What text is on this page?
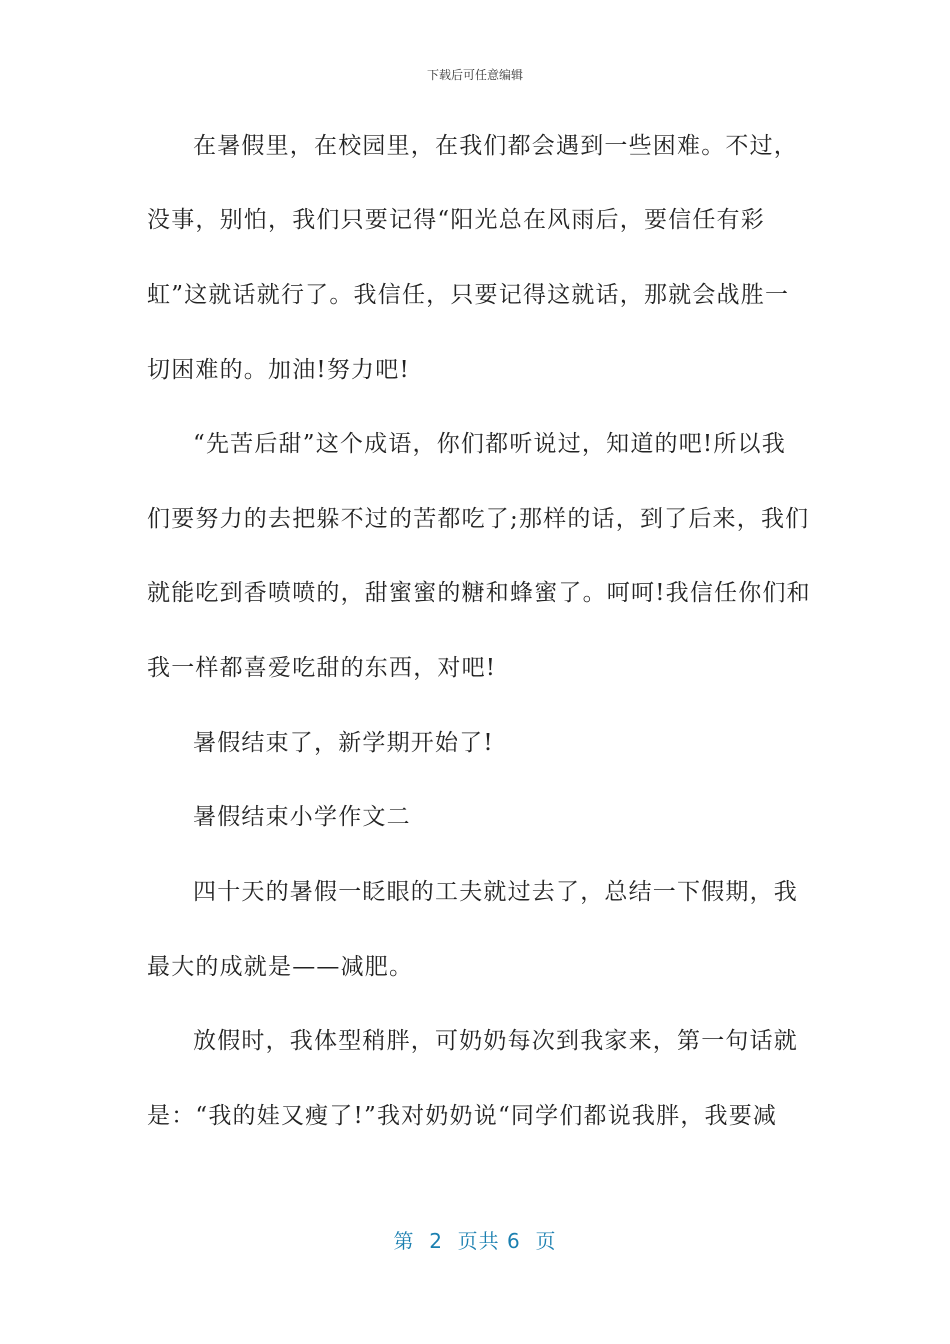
下载后可任意编辑
在暑假里，在校园里，在我们都会遇到一些困难。不过，
没事，别怕，我们只要记得“阳光总在风雨后，要信任有彩
虹”这就话就行了。我信任，只要记得这就话，那就会战胜一
切困难的。加油!努力吧!
“先苦后甜”这个成语，你们都听说过，知道的吧!所以我
们要努力的去把躲不过的苦都吃了;那样的话，到了后来，我们
就能吃到香喷喷的，甜蜜蜜的糖和蜂蜜了。呵呵!我信任你们和
我一样都喜爱吃甜的东西，对吧!
暑假结束了，新学期开始了!
暑假结束小学作文二
四十天的暑假一眨眼的工夫就过去了，总结一下假期，我
最大的成就是——减肥。
放假时，我体型稍胖，可奶奶每次到我家来，第一句话就
是：“我的娃又瘦了!”我对奶奶说“同学们都说我胖，我要减
第  2  页共 6  页
